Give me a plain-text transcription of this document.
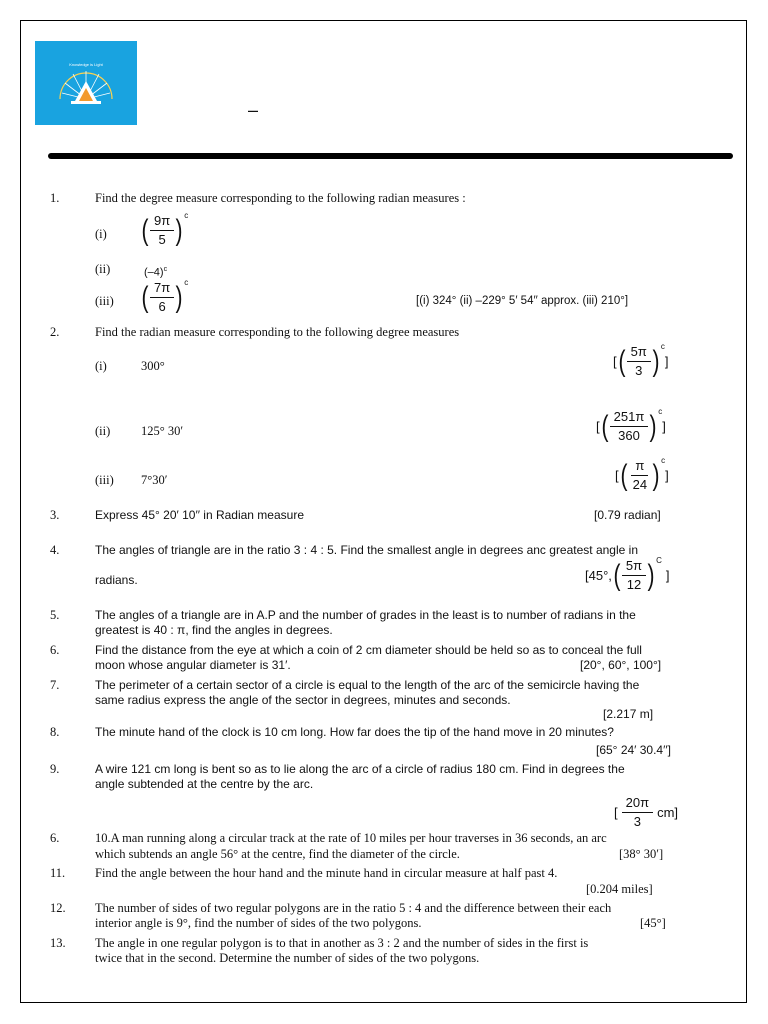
Knowledge is Light
KC INTERNATIONAL SCHOOL
–
1.	Find the degree measure corresponding to the following radian measures :
(i) ( 9π
5 ) c
(ii)	$(-4)^c$
(iii) ( 7π
6 ) c
[(i) 324° (ii) –229° 5′ 54′′ approx. (iii) 210°]
2.	Find the radian measure corresponding to the following degree measures
(i)	300°	[ ( 5π
3 ) c
]
(ii) 125° 30′	[ ( 251π
360 ) c
]
(iii) 7°30′	[ ( π
24 ) c
]
3.	Express 45° 20′ 10′′ in Radian measure	[0.79 radian]
4.	The angles of triangle are in the ratio 3 : 4 : 5. Find the smallest angle in degrees anc greatest angle in
radians.	[45°, ( 5π
12 ) C
]
5.	The angles of a triangle are in A.P and the number of grades in the least is to number of radians in the
greatest is 40 : π, find the angles in degrees.
6.	Find the distance from the eye at which a coin of 2 cm diameter should be held so as to conceal the full
moon whose angular diameter is 31′.	[20°, 60°, 100°]
7.	The perimeter of a certain sector of a circle is equal to the length of the arc of the semicircle having the
same radius express the angle of the sector in degrees, minutes and seconds.
[2.217 m]
8.	The minute hand of the clock is 10 cm long. How far does the tip of the hand move in 20 minutes?
[65° 24′ 30.4′′]
9.	A wire 121 cm long is bent so as to lie along the arc of a circle of radius 180 cm. Find in degrees the
angle subtended at the centre by the arc.
[
20π
3
cm]
6.	10.A man running along a circular track at the rate of 10 miles per hour traverses in 36 seconds, an arc
which subtends an angle 56° at the centre, find the diameter of the circle.	[38° 30′]
11. Find the angle between the hour hand and the minute hand in circular measure at half past 4.
[0.204 miles]
12. The number of sides of two regular polygons are in the ratio 5 : 4 and the difference between their each
interior angle is 9°, find the number of sides of the two polygons.	[45°]
13. The angle in one regular polygon is to that in another as 3 : 2 and the number of sides in the first is
twice that in the second. Determine the number of sides of the two polygons.
